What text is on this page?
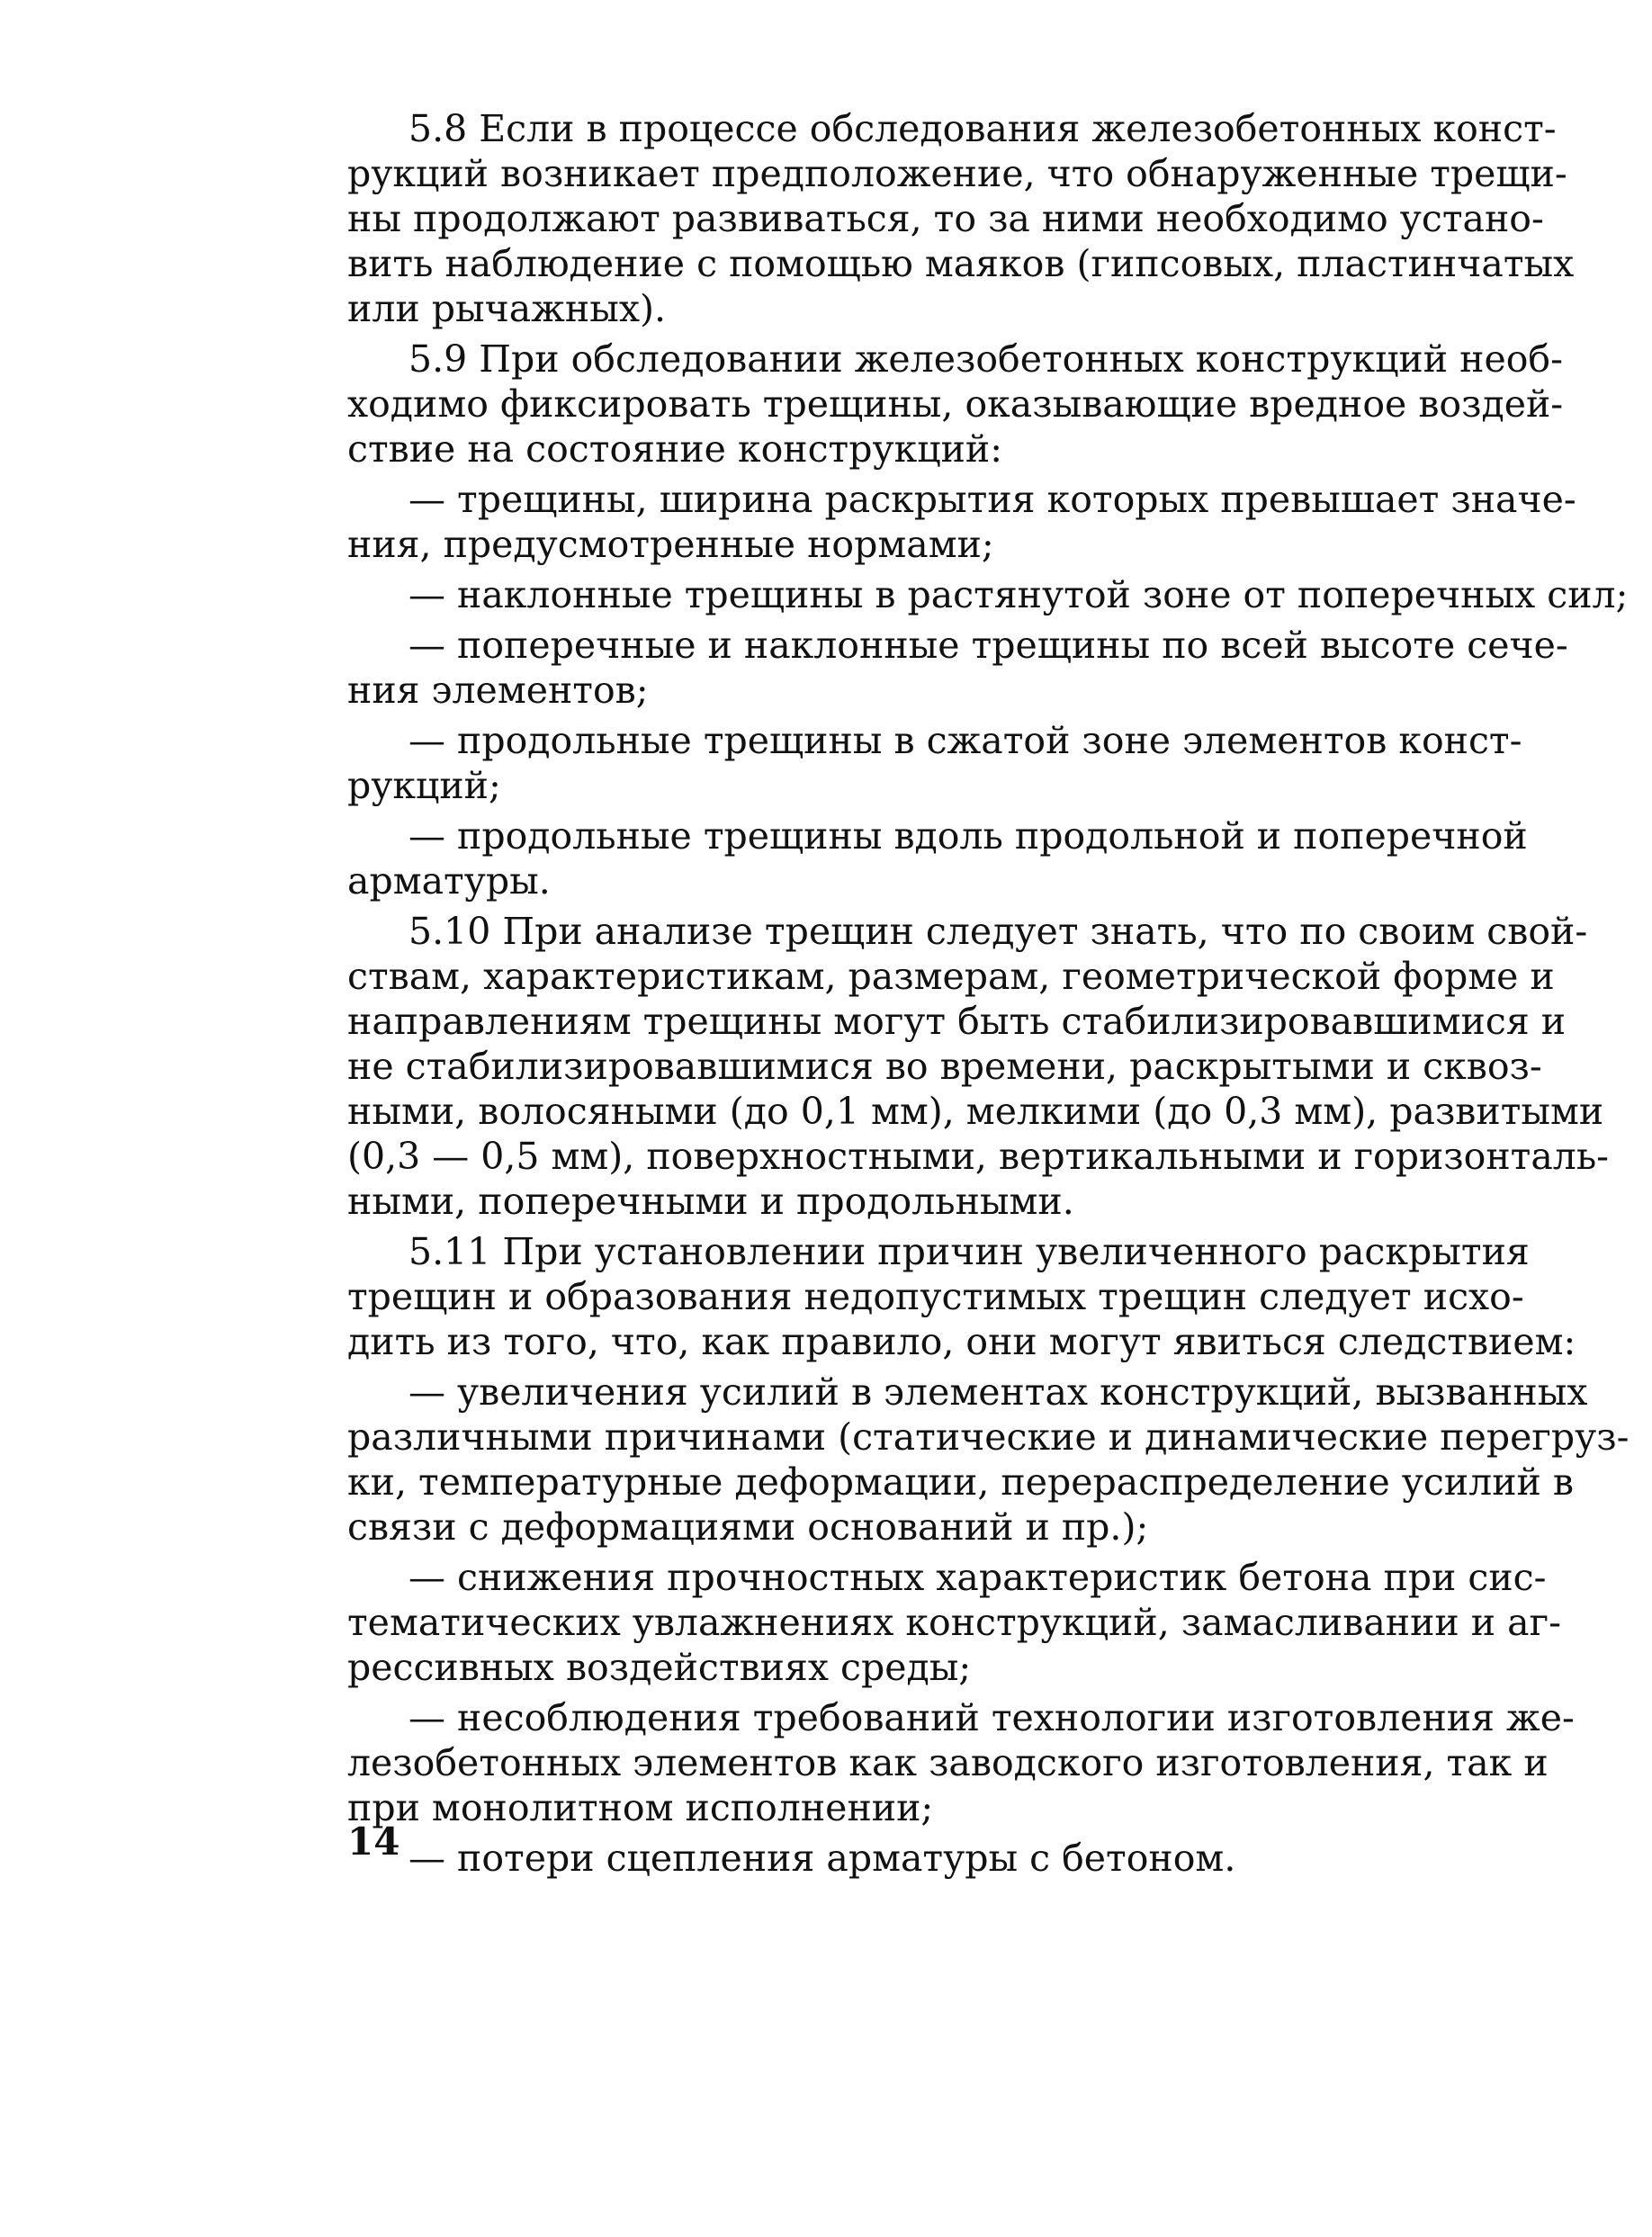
5.8 Если в процессе обследования железобетонных конст-
рукций возникает предположение, что обнаруженные трещи-
ны продолжают развиваться, то за ними необходимо устано-
вить наблюдение с помощью маяков (гипсовых, пластинчатых
или рычажных).
5.9 При обследовании железобетонных конструкций необ-
ходимо фиксировать трещины, оказывающие вредное воздей-
ствие на состояние конструкций:
— трещины, ширина раскрытия которых превышает значе-
ния, предусмотренные нормами;
— наклонные трещины в растянутой зоне от поперечных сил;
— поперечные и наклонные трещины по всей высоте сече-
ния элементов;
— продольные трещины в сжатой зоне элементов конст-
рукций;
— продольные трещины вдоль продольной и поперечной
арматуры.
5.10 При анализе трещин следует знать, что по своим свой-
ствам, характеристикам, размерам, геометрической форме и
направлениям трещины могут быть стабилизировавшимися и
не стабилизировавшимися во времени, раскрытыми и сквоз-
ными, волосяными (до 0,1 мм), мелкими (до 0,3 мм), развитыми
(0,3 — 0,5 мм), поверхностными, вертикальными и горизонталь-
ными, поперечными и продольными.
5.11 При установлении причин увеличенного раскрытия
трещин и образования недопустимых трещин следует исхо-
дить из того, что, как правило, они могут явиться следствием:
— увеличения усилий в элементах конструкций, вызванных
различными причинами (статические и динамические перегруз-
ки, температурные деформации, перераспределение усилий в
связи с деформациями оснований и пр.);
— снижения прочностных характеристик бетона при сис-
тематических увлажнениях конструкций, замасливании и аг-
рессивных воздействиях среды;
— несоблюдения требований технологии изготовления же-
лезобетонных элементов как заводского изготовления, так и
при монолитном исполнении;
— потери сцепления арматуры с бетоном.
14
